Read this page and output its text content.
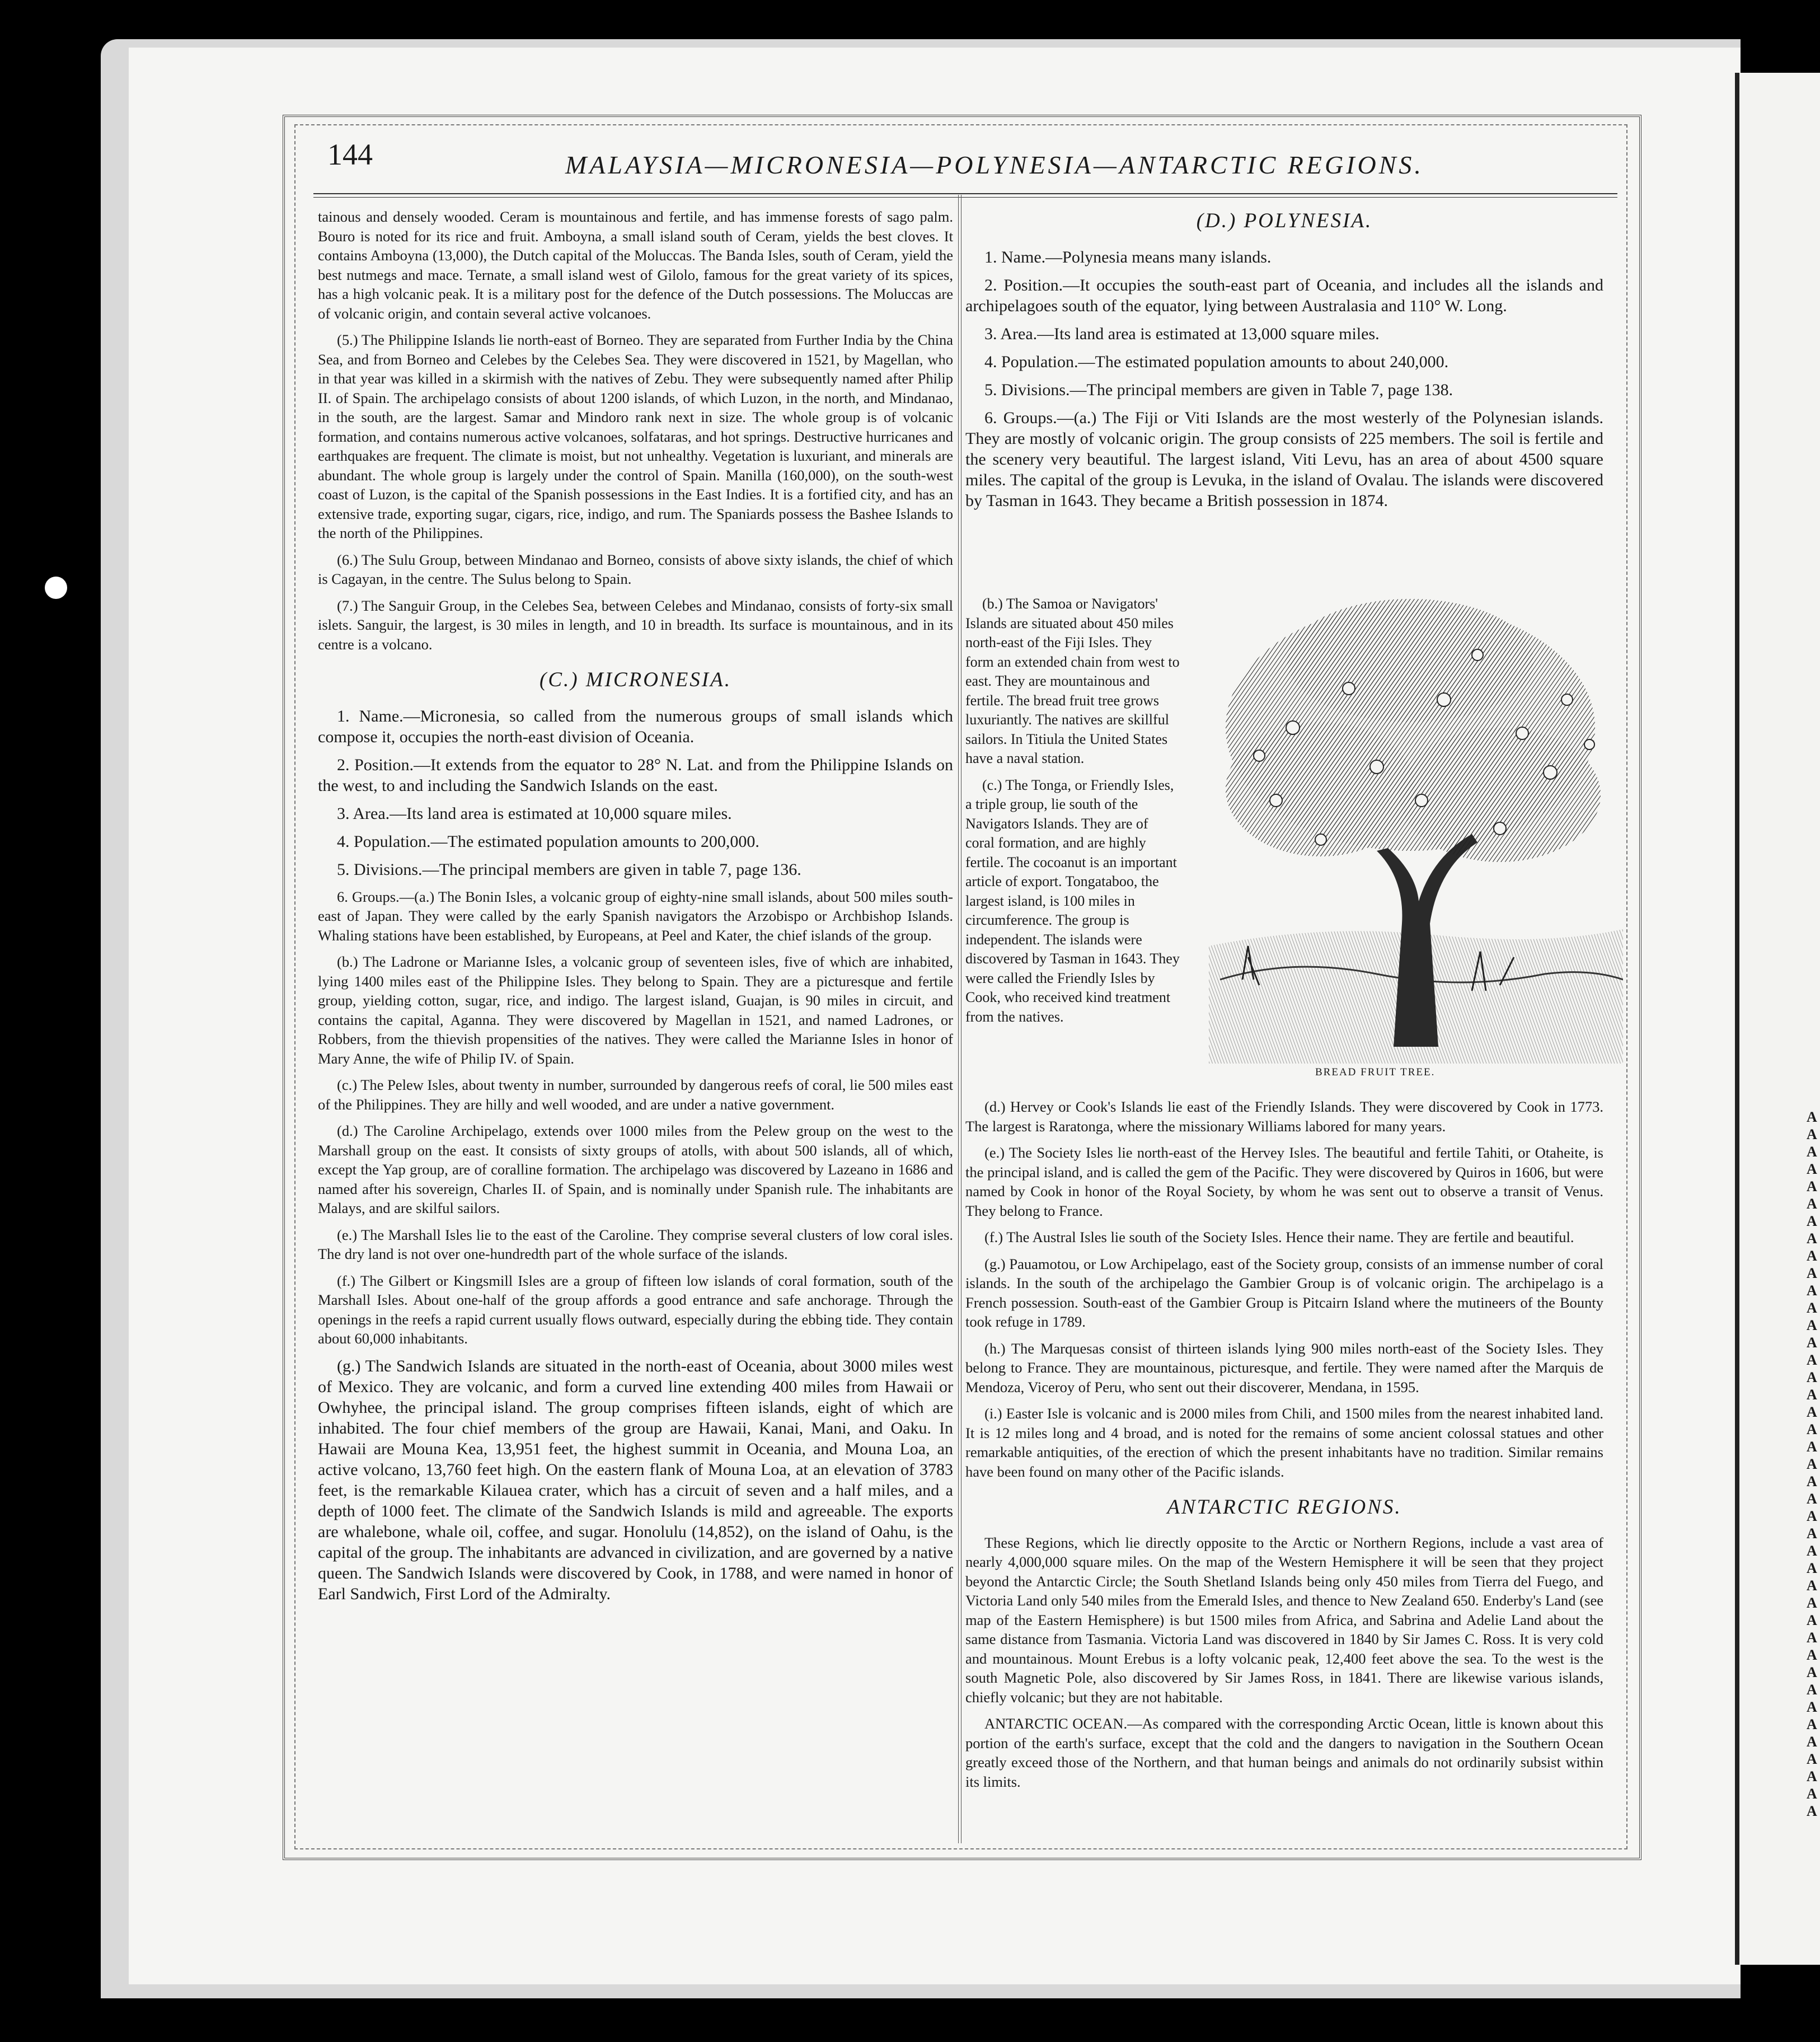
AAAAAAAAAAAAAAAAAAAAAAAAAAAAAAAAAAAAAAAAA
144	MALAYSIA—MICRONESIA—POLYNESIA—ANTARCTIC REGIONS.

tainous and densely wooded. Ceram is mountainous and fertile, and has immense forests of sago palm. Bouro is noted for its rice and fruit. Amboyna, a small island south of Ceram, yields the best cloves. It contains Amboyna (13,000), the Dutch capital of the Moluccas. The Banda Isles, south of Ceram, yield the best nutmegs and mace. Ternate, a small island west of Gilolo, famous for the great variety of its spices, has a high volcanic peak. It is a military post for the defence of the Dutch possessions. The Moluccas are of volcanic origin, and contain several active volcanoes.

(5.) The Philippine Islands lie north-east of Borneo. They are separated from Further India by the China Sea, and from Borneo and Celebes by the Celebes Sea. They were discovered in 1521, by Magellan, who in that year was killed in a skirmish with the natives of Zebu. They were subsequently named after Philip II. of Spain. The archipelago consists of about 1200 islands, of which Luzon, in the north, and Mindanao, in the south, are the largest. Samar and Mindoro rank next in size. The whole group is of volcanic formation, and contains numerous active volcanoes, solfataras, and hot springs. Destructive hurricanes and earthquakes are frequent. The climate is moist, but not unhealthy. Vegetation is luxuriant, and minerals are abundant. The whole group is largely under the control of Spain. Manilla (160,000), on the south-west coast of Luzon, is the capital of the Spanish possessions in the East Indies. It is a fortified city, and has an extensive trade, exporting sugar, cigars, rice, indigo, and rum. The Spaniards possess the Bashee Islands to the north of the Philippines.

(6.) The Sulu Group, between Mindanao and Borneo, consists of above sixty islands, the chief of which is Cagayan, in the centre. The Sulus belong to Spain.

(7.) The Sanguir Group, in the Celebes Sea, between Celebes and Mindanao, consists of forty-six small islets. Sanguir, the largest, is 30 miles in length, and 10 in breadth. Its surface is mountainous, and in its centre is a volcano.

(C.) MICRONESIA.

1. Name.—Micronesia, so called from the numerous groups of small islands which compose it, occupies the north-east division of Oceania.

2. Position.—It extends from the equator to 28° N. Lat. and from the Philippine Islands on the west, to and including the Sandwich Islands on the east.

3. Area.—Its land area is estimated at 10,000 square miles.

4. Population.—The estimated population amounts to 200,000.

5. Divisions.—The principal members are given in table 7, page 136.

6. Groups.—(a.) The Bonin Isles, a volcanic group of eighty-nine small islands, about 500 miles south-east of Japan. They were called by the early Spanish navigators the Arzobispo or Archbishop Islands. Whaling stations have been established, by Europeans, at Peel and Kater, the chief islands of the group.

(b.) The Ladrone or Marianne Isles, a volcanic group of seventeen isles, five of which are inhabited, lying 1400 miles east of the Philippine Isles. They belong to Spain. They are a picturesque and fertile group, yielding cotton, sugar, rice, and indigo. The largest island, Guajan, is 90 miles in circuit, and contains the capital, Aganna. They were discovered by Magellan in 1521, and named Ladrones, or Robbers, from the thievish propensities of the natives. They were called the Marianne Isles in honor of Mary Anne, the wife of Philip IV. of Spain.

(c.) The Pelew Isles, about twenty in number, surrounded by dangerous reefs of coral, lie 500 miles east of the Philippines. They are hilly and well wooded, and are under a native government.

(d.) The Caroline Archipelago, extends over 1000 miles from the Pelew group on the west to the Marshall group on the east. It consists of sixty groups of atolls, with about 500 islands, all of which, except the Yap group, are of coralline formation. The archipelago was discovered by Lazeano in 1686 and named after his sovereign, Charles II. of Spain, and is nominally under Spanish rule. The inhabitants are Malays, and are skilful sailors.

(e.) The Marshall Isles lie to the east of the Caroline. They comprise several clusters of low coral isles. The dry land is not over one-hundredth part of the whole surface of the islands.

(f.) The Gilbert or Kingsmill Isles are a group of fifteen low islands of coral formation, south of the Marshall Isles. About one-half of the group affords a good entrance and safe anchorage. Through the openings in the reefs a rapid current usually flows outward, especially during the ebbing tide. They contain about 60,000 inhabitants.

(g.) The Sandwich Islands are situated in the north-east of Oceania, about 3000 miles west of Mexico. They are volcanic, and form a curved line extending 400 miles from Hawaii or Owhyhee, the principal island. The group comprises fifteen islands, eight of which are inhabited. The four chief members of the group are Hawaii, Kanai, Mani, and Oaku. In Hawaii are Mouna Kea, 13,951 feet, the highest summit in Oceania, and Mouna Loa, an active volcano, 13,760 feet high. On the eastern flank of Mouna Loa, at an elevation of 3783 feet, is the remarkable Kilauea crater, which has a circuit of seven and a half miles, and a depth of 1000 feet. The climate of the Sandwich Islands is mild and agreeable. The exports are whalebone, whale oil, coffee, and sugar. Honolulu (14,852), on the island of Oahu, is the capital of the group. The inhabitants are advanced in civilization, and are governed by a native queen. The Sandwich Islands were discovered by Cook, in 1788, and were named in honor of Earl Sandwich, First Lord of the Admiralty.

(D.) POLYNESIA.

1. Name.—Polynesia means many islands.

2. Position.—It occupies the south-east part of Oceania, and includes all the islands and archipelagoes south of the equator, lying between Australasia and 110° W. Long.

3. Area.—Its land area is estimated at 13,000 square miles.

4. Population.—The estimated population amounts to about 240,000.

5. Divisions.—The principal members are given in Table 7, page 138.

6. Groups.—(a.) The Fiji or Viti Islands are the most westerly of the Polynesian islands. They are mostly of volcanic origin. The group consists of 225 members. The soil is fertile and the scenery very beautiful. The largest island, Viti Levu, has an area of about 4500 square miles. The capital of the group is Levuka, in the island of Ovalau. The islands were discovered by Tasman in 1643. They became a British possession in 1874.

(b.) The Samoa or Navigators' Islands are situated about 450 miles north-east of the Fiji Isles. They form an extended chain from west to east. They are mountainous and fertile. The bread fruit tree grows luxuriantly. The natives are skillful sailors. In Titiula the United States have a naval station.

(c.) The Tonga, or Friendly Isles, a triple group, lie south of the Navigators Islands. They are of coral formation, and are highly fertile. The cocoanut is an important article of export. Tongataboo, the largest island, is 100 miles in circumference. The group is independent. The islands were discovered by Tasman in 1643. They were called the Friendly Isles by Cook, who received kind treatment from the natives.

BREAD FRUIT TREE.

(d.) Hervey or Cook's Islands lie east of the Friendly Islands. They were discovered by Cook in 1773. The largest is Raratonga, where the missionary Williams labored for many years.

(e.) The Society Isles lie north-east of the Hervey Isles. The beautiful and fertile Tahiti, or Otaheite, is the principal island, and is called the gem of the Pacific. They were discovered by Quiros in 1606, but were named by Cook in honor of the Royal Society, by whom he was sent out to observe a transit of Venus. They belong to France.

(f.) The Austral Isles lie south of the Society Isles. Hence their name. They are fertile and beautiful.

(g.) Pauamotou, or Low Archipelago, east of the Society group, consists of an immense number of coral islands. In the south of the archipelago the Gambier Group is of volcanic origin. The archipelago is a French possession. South-east of the Gambier Group is Pitcairn Island where the mutineers of the Bounty took refuge in 1789.

(h.) The Marquesas consist of thirteen islands lying 900 miles north-east of the Society Isles. They belong to France. They are mountainous, picturesque, and fertile. They were named after the Marquis de Mendoza, Viceroy of Peru, who sent out their discoverer, Mendana, in 1595.

(i.) Easter Isle is volcanic and is 2000 miles from Chili, and 1500 miles from the nearest inhabited land. It is 12 miles long and 4 broad, and is noted for the remains of some ancient colossal statues and other remarkable antiquities, of the erection of which the present inhabitants have no tradition. Similar remains have been found on many other of the Pacific islands.

ANTARCTIC REGIONS.

These Regions, which lie directly opposite to the Arctic or Northern Regions, include a vast area of nearly 4,000,000 square miles. On the map of the Western Hemisphere it will be seen that they project beyond the Antarctic Circle; the South Shetland Islands being only 450 miles from Tierra del Fuego, and Victoria Land only 540 miles from the Emerald Isles, and thence to New Zealand 650. Enderby's Land (see map of the Eastern Hemisphere) is but 1500 miles from Africa, and Sabrina and Adelie Land about the same distance from Tasmania. Victoria Land was discovered in 1840 by Sir James C. Ross. It is very cold and mountainous. Mount Erebus is a lofty volcanic peak, 12,400 feet above the sea. To the west is the south Magnetic Pole, also discovered by Sir James Ross, in 1841. There are likewise various islands, chiefly volcanic; but they are not habitable.

ANTARCTIC OCEAN.—As compared with the corresponding Arctic Ocean, little is known about this portion of the earth's surface, except that the cold and the dangers to navigation in the Southern Ocean greatly exceed those of the Northern, and that human beings and animals do not ordinarily subsist within its limits.
